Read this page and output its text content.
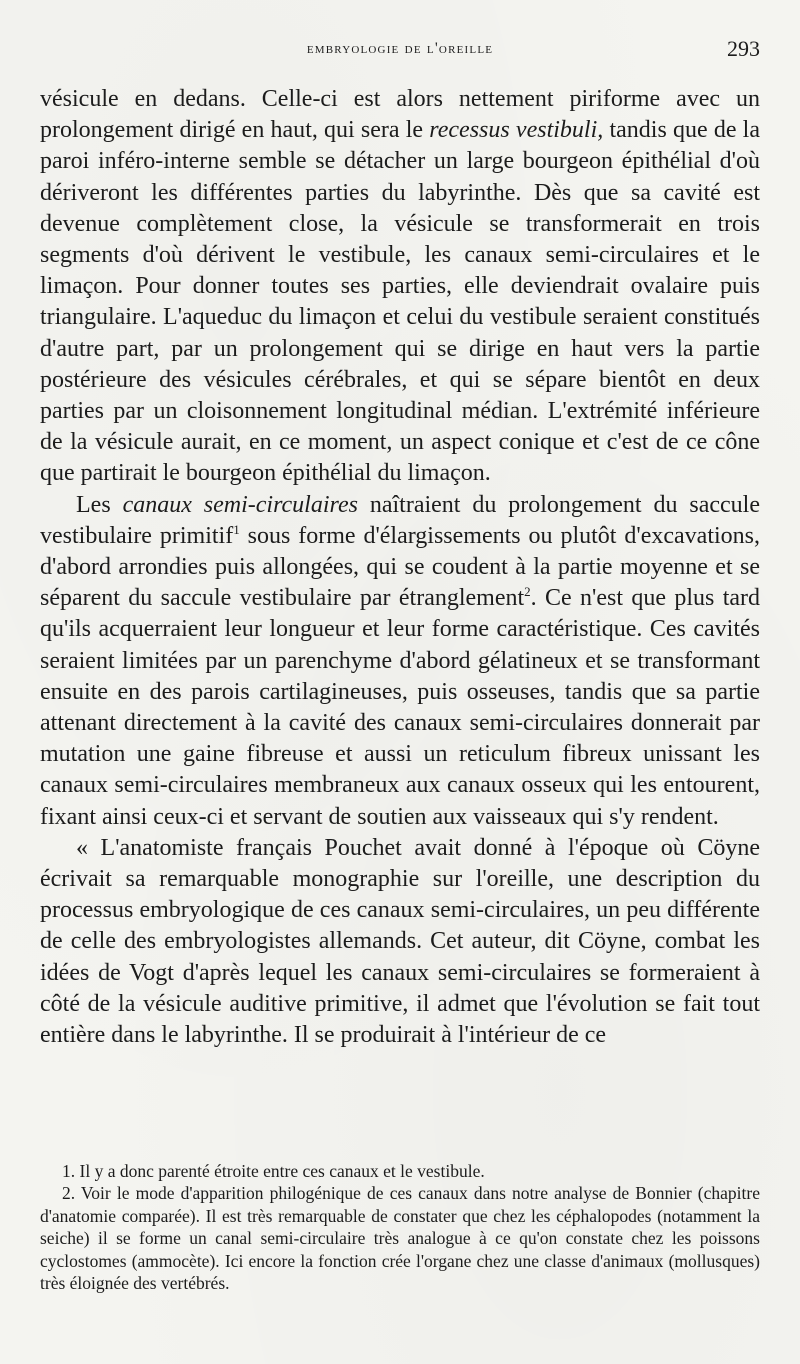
embryologie de l'oreille	293

vésicule en dedans. Celle-ci est alors nettement piriforme avec un prolongement dirigé en haut, qui sera le recessus vestibuli, tandis que de la paroi inféro-interne semble se détacher un large bourgeon épithélial d'où dériveront les différentes parties du labyrinthe. Dès que sa cavité est devenue complètement close, la vésicule se transformerait en trois segments d'où dérivent le vestibule, les canaux semi-circulaires et le limaçon. Pour donner toutes ses parties, elle deviendrait ovalaire puis triangulaire. L'aqueduc du limaçon et celui du vestibule seraient constitués d'autre part, par un prolongement qui se dirige en haut vers la partie postérieure des vésicules cérébrales, et qui se sépare bientôt en deux parties par un cloisonnement longitudinal médian. L'extrémité inférieure de la vésicule aurait, en ce moment, un aspect conique et c'est de ce cône que partirait le bourgeon épithélial du limaçon.

Les canaux semi-circulaires naîtraient du prolongement du saccule vestibulaire primitif$^1$ sous forme d'élargissements ou plutôt d'excavations, d'abord arrondies puis allongées, qui se coudent à la partie moyenne et se séparent du saccule vestibulaire par étranglement$^2$. Ce n'est que plus tard qu'ils acquerraient leur longueur et leur forme caractéristique. Ces cavités seraient limitées par un parenchyme d'abord gélatineux et se transformant ensuite en des parois cartilagineuses, puis osseuses, tandis que sa partie attenant directement à la cavité des canaux semi-circulaires donnerait par mutation une gaine fibreuse et aussi un reticulum fibreux unissant les canaux semi-circulaires membraneux aux canaux osseux qui les entourent, fixant ainsi ceux-ci et servant de soutien aux vaisseaux qui s'y rendent.

« L'anatomiste français Pouchet avait donné à l'époque où Cöyne écrivait sa remarquable monographie sur l'oreille, une description du processus embryologique de ces canaux semi-circulaires, un peu différente de celle des embryologistes allemands. Cet auteur, dit Cöyne, combat les idées de Vogt d'après lequel les canaux semi-circulaires se formeraient à côté de la vésicule auditive primitive, il admet que l'évolution se fait tout entière dans le labyrinthe. Il se produirait à l'intérieur de ce

1. Il y a donc parenté étroite entre ces canaux et le vestibule.

2. Voir le mode d'apparition philogénique de ces canaux dans notre analyse de Bonnier (chapitre d'anatomie comparée). Il est très remarquable de constater que chez les céphalopodes (notamment la seiche) il se forme un canal semi-circulaire très analogue à ce qu'on constate chez les poissons cyclostomes (ammocète). Ici encore la fonction crée l'organe chez une classe d'animaux (mollusques) très éloignée des vertébrés.
